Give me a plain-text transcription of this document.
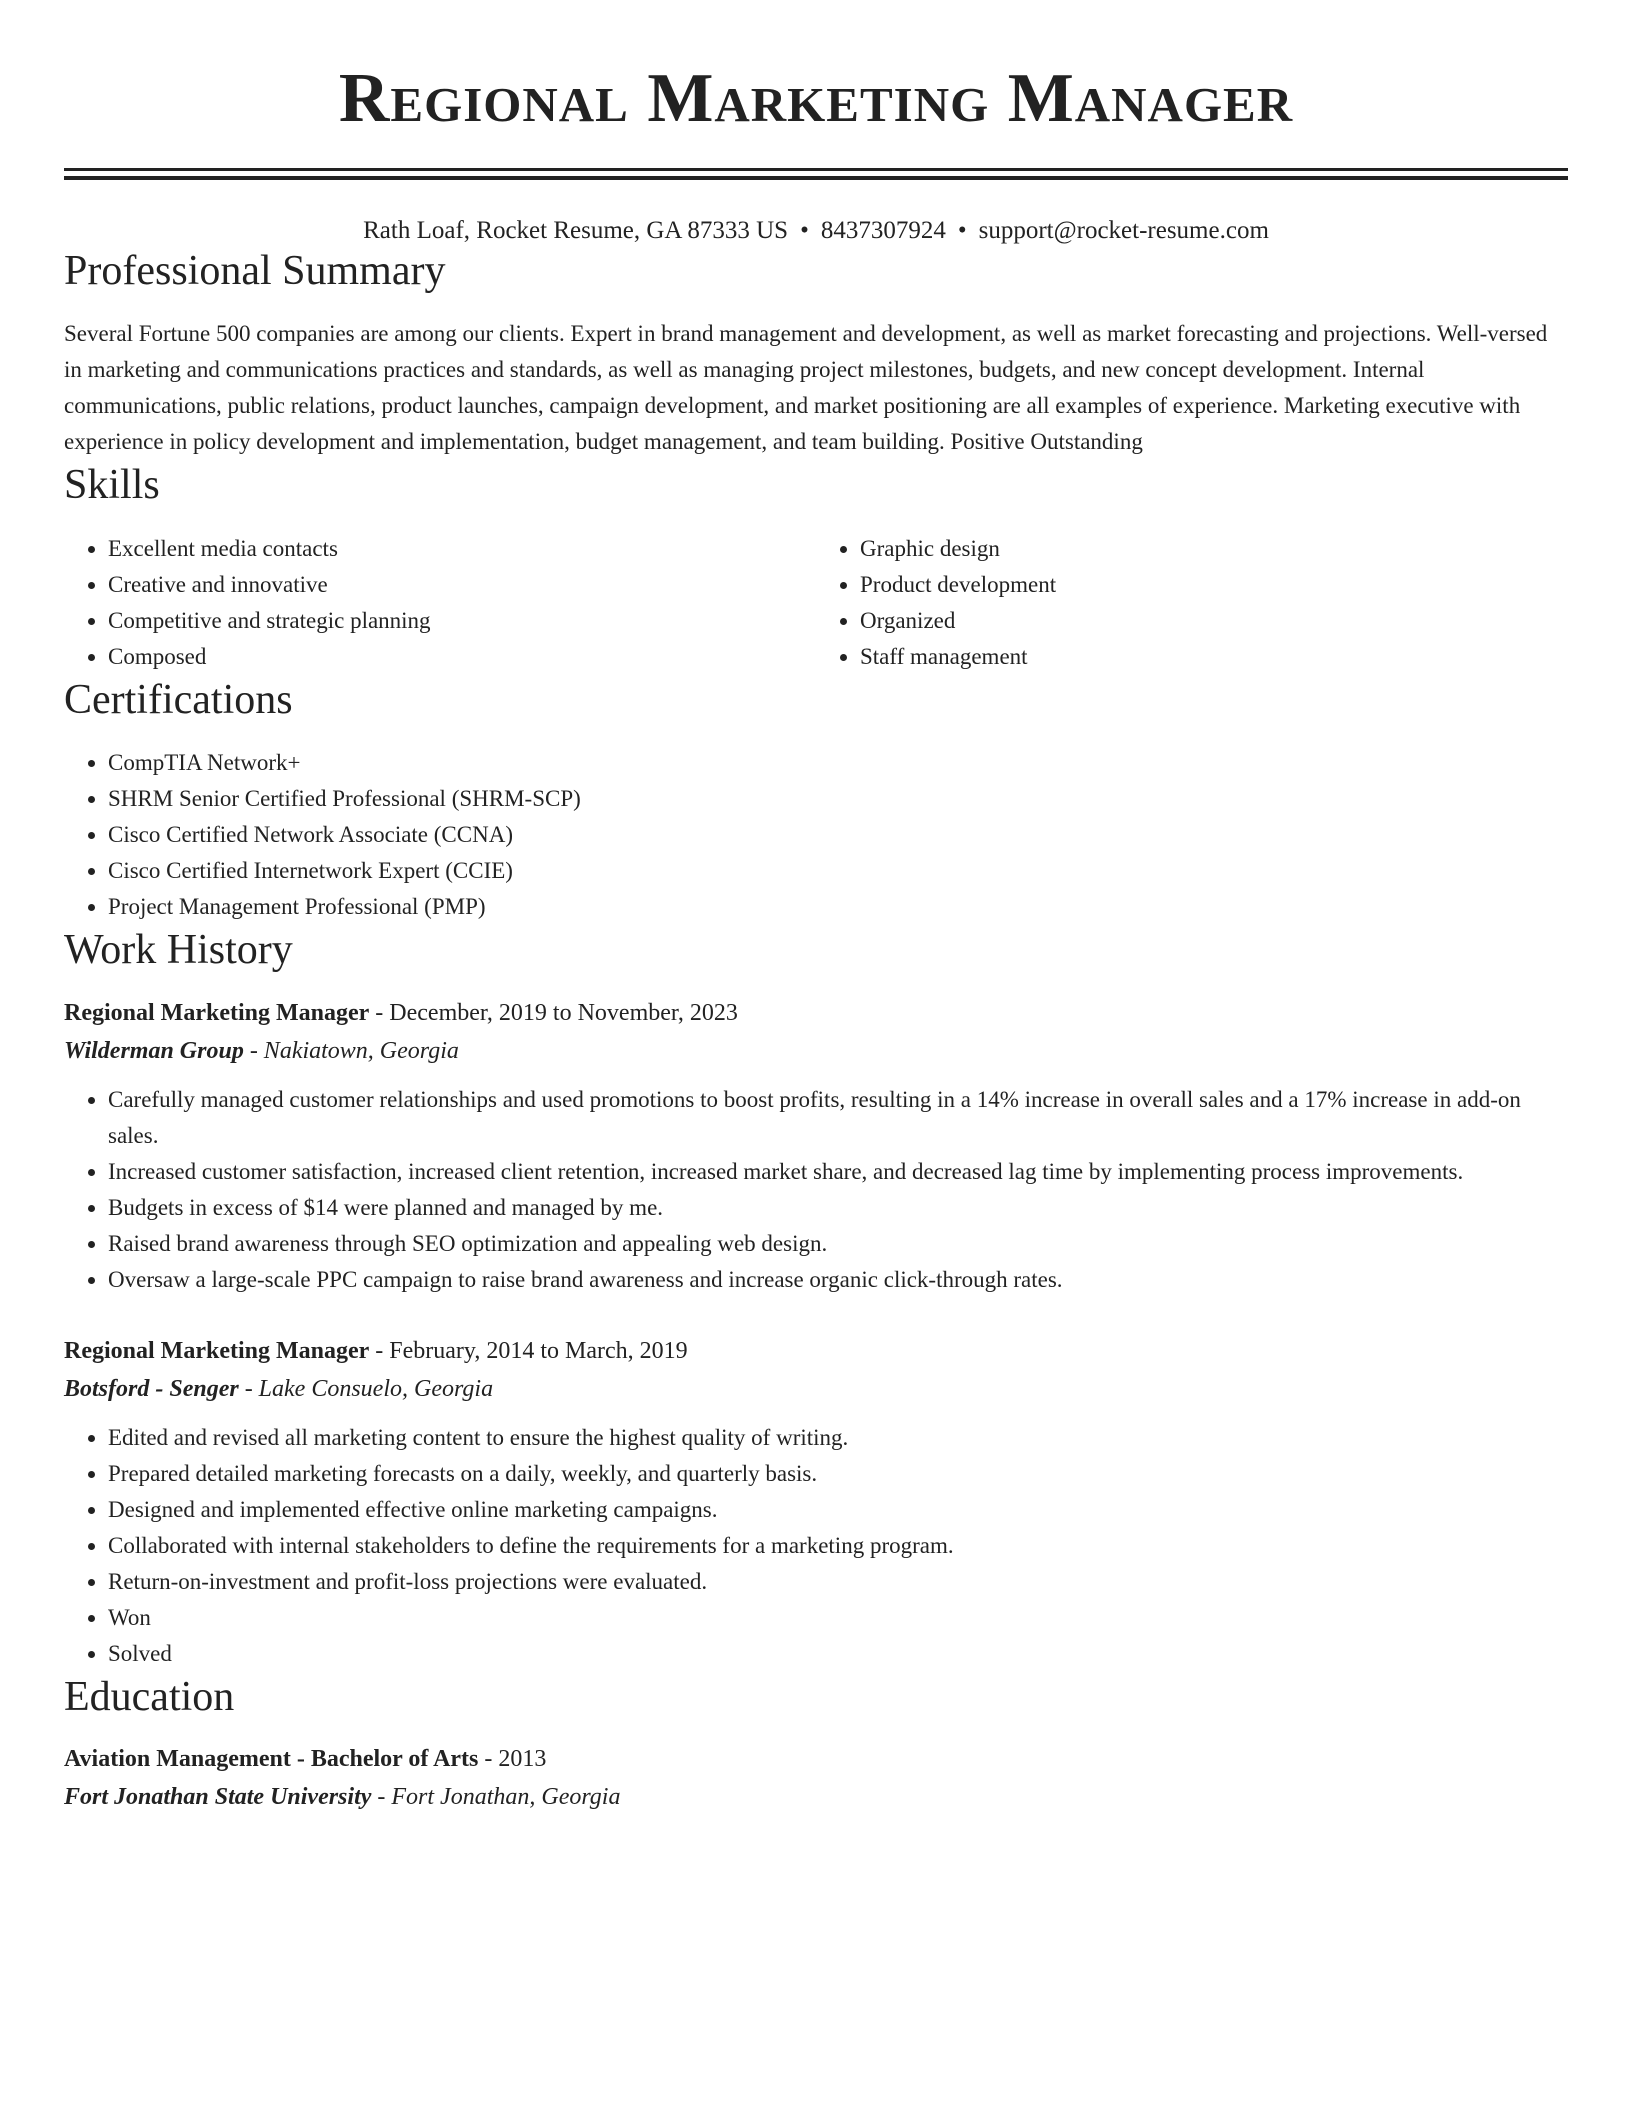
Regional Marketing Manager
Rath Loaf, Rocket Resume, GA 87333 US • 8437307924 • support@rocket-resume.com
Professional Summary

Several Fortune 500 companies are among our clients. Expert in brand management and development, as well as market forecasting and projections. Well-versed in marketing and communications practices and standards, as well as managing project milestones, budgets, and new concept development. Internal communications, public relations, product launches, campaign development, and market positioning are all examples of experience. Marketing executive with experience in policy development and implementation, budget management, and team building. Positive Outstanding

Skills
• Excellent media contacts
• Creative and innovative
• Competitive and strategic planning
• Composed
• Graphic design
• Product development
• Organized
• Staff management
Certifications
• CompTIA Network+
• SHRM Senior Certified Professional (SHRM-SCP)
• Cisco Certified Network Associate (CCNA)
• Cisco Certified Internetwork Expert (CCIE)
• Project Management Professional (PMP)
Work History
Regional Marketing Manager - December, 2019 to November, 2023
Wilderman Group - Nakiatown, Georgia
• Carefully managed customer relationships and used promotions to boost profits, resulting in a 14% increase in overall sales and a 17% increase in add-on sales.
• Increased customer satisfaction, increased client retention, increased market share, and decreased lag time by implementing process improvements.
• Budgets in excess of $14 were planned and managed by me.
• Raised brand awareness through SEO optimization and appealing web design.
• Oversaw a large-scale PPC campaign to raise brand awareness and increase organic click-through rates.
Regional Marketing Manager - February, 2014 to March, 2019
Botsford - Senger - Lake Consuelo, Georgia
• Edited and revised all marketing content to ensure the highest quality of writing.
• Prepared detailed marketing forecasts on a daily, weekly, and quarterly basis.
• Designed and implemented effective online marketing campaigns.
• Collaborated with internal stakeholders to define the requirements for a marketing program.
• Return-on-investment and profit-loss projections were evaluated.
• Won
• Solved
Education
Aviation Management - Bachelor of Arts - 2013
Fort Jonathan State University - Fort Jonathan, Georgia
